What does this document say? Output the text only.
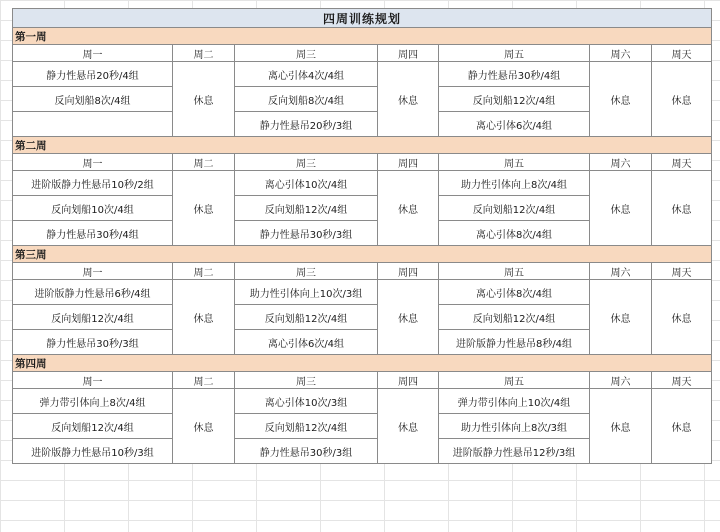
四周训练规划						
第一周						
周一	周二	周三	周四	周五	周六	周天
静力性悬吊20秒/4组	休息	离心引体4次/4组	休息	静力性悬吊30秒/4组	休息	休息
反向划船8次/4组		反向划船8次/4组		反向划船12次/4组		
		静力性悬吊20秒/3组		离心引体6次/4组		
第二周						
周一	周二	周三	周四	周五	周六	周天
进阶版静力性悬吊10秒/2组	休息	离心引体10次/4组	休息	助力性引体向上8次/4组	休息	休息
反向划船10次/4组		反向划船12次/4组		反向划船12次/4组		
静力性悬吊30秒/4组		静力性悬吊30秒/3组		离心引体8次/4组		
第三周						
周一	周二	周三	周四	周五	周六	周天
进阶版静力性悬吊6秒/4组	休息	助力性引体向上10次/3组	休息	离心引体8次/4组	休息	休息
反向划船12次/4组		反向划船12次/4组		反向划船12次/4组		
静力性悬吊30秒/3组		离心引体6次/4组		进阶版静力性悬吊8秒/4组		
第四周						
周一	周二	周三	周四	周五	周六	周天
弹力带引体向上8次/4组	休息	离心引体10次/3组	休息	弹力带引体向上10次/4组	休息	休息
反向划船12次/4组		反向划船12次/4组		助力性引体向上8次/3组		
进阶版静力性悬吊10秒/3组		静力性悬吊30秒/3组		进阶版静力性悬吊12秒/3组		
